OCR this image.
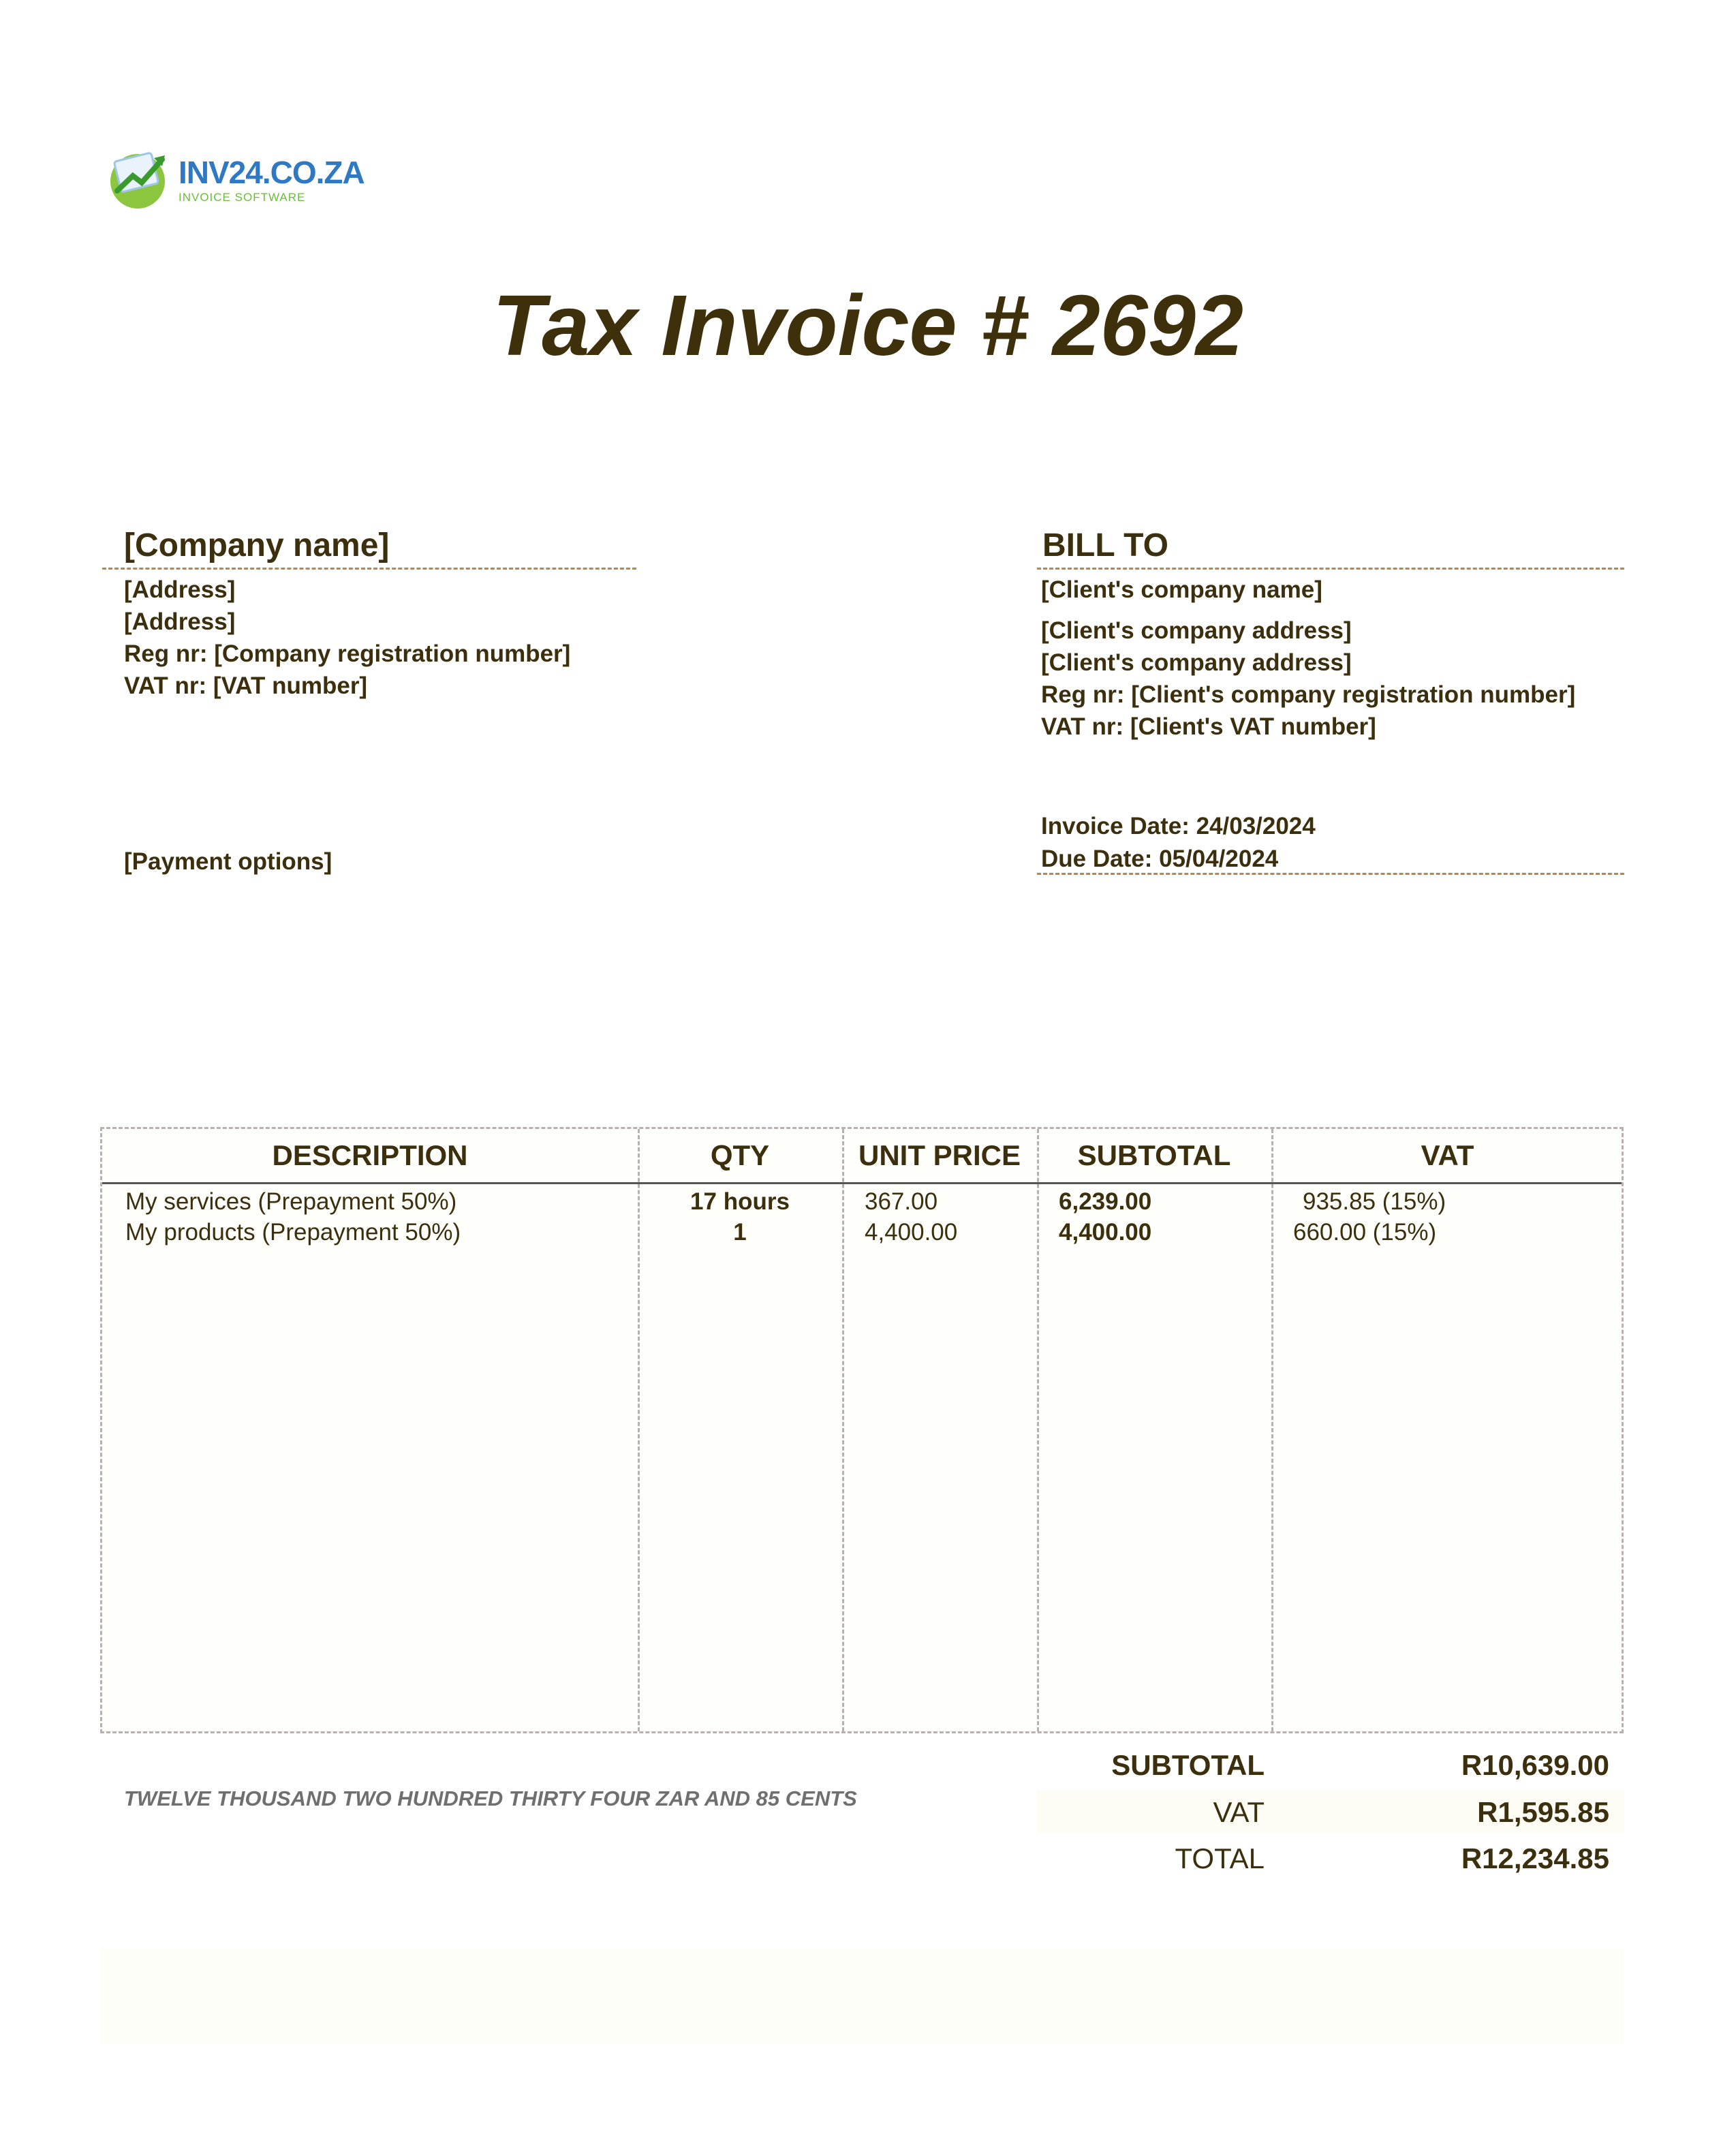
INV24.CO.ZA
INVOICE SOFTWARE
Tax Invoice # 2692
[Company name]
[Address]
[Address]
Reg nr: [Company registration number]
VAT nr: [VAT number]
[Payment options]
BILL TO
[Client's company name]
[Client's company address]
[Client's company address]
Reg nr: [Client's company registration number]
VAT nr: [Client's VAT number]
Invoice Date: 24/03/2024
Due Date: 05/04/2024
DESCRIPTION	QTY	UNIT PRICE	SUBTOTAL	VAT
My services (Prepayment 50%)	17 hours	367.00	6,239.00	935.85 (15%)
My products (Prepayment 50%)	1	4,400.00	4,400.00	660.00 (15%)
SUBTOTAL	R10,639.00
VAT	R1,595.85
TOTAL	R12,234.85
TWELVE THOUSAND TWO HUNDRED THIRTY FOUR ZAR AND 85 CENTS
